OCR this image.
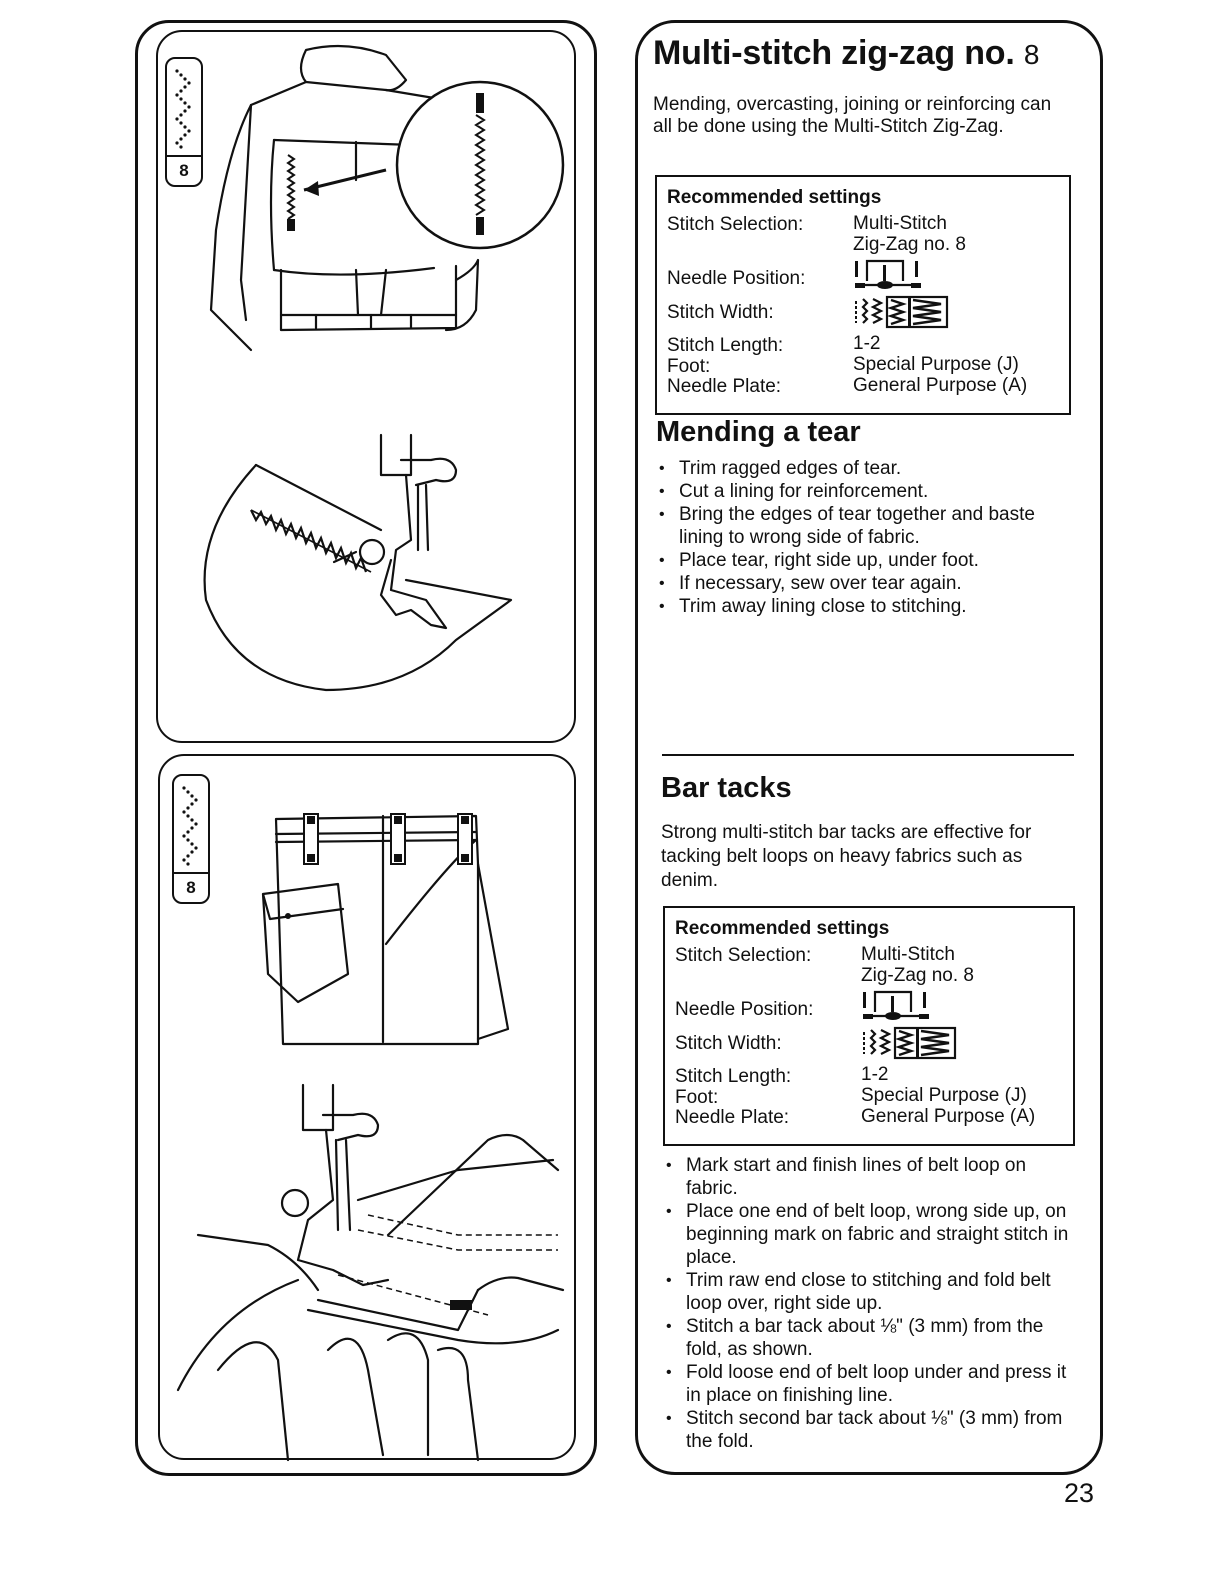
8
8
Multi-stitch zig-zag no. 8

Mending, overcasting, joining or reinforcing can all be done using the Multi-Stitch Zig-Zag.

Recommended settings
Stitch Selection:	Multi-Stitch
Zig-Zag no. 8
Needle Position:
Stitch Width:
Stitch Length:	1-2
Foot:	Special Purpose (J)
Needle Plate:	General Purpose (A)
Mending a tear
• Trim ragged edges of tear.
• Cut a lining for reinforcement.
• Bring the edges of tear together and baste lining to wrong side of fabric.
• Place tear, right side up, under foot.
• If necessary, sew over tear again.
• Trim away lining close to stitching.
Bar tacks

Strong multi-stitch bar tacks are effective for tacking belt loops on heavy fabrics such as denim.

Recommended settings
Stitch Selection:	Multi-Stitch
Zig-Zag no. 8
Needle Position:
Stitch Width:
Stitch Length:	1-2
Foot:	Special Purpose (J)
Needle Plate:	General Purpose (A)
• Mark start and finish lines of belt loop on fabric.
• Place one end of belt loop, wrong side up, on beginning mark on fabric and straight stitch in place.
• Trim raw end close to stitching and fold belt loop over, right side up.
• Stitch a bar tack about ⅛" (3 mm) from the fold, as shown.
• Fold loose end of belt loop under and press it in place on finishing line.
• Stitch second bar tack about ⅛" (3 mm) from the fold.
23
